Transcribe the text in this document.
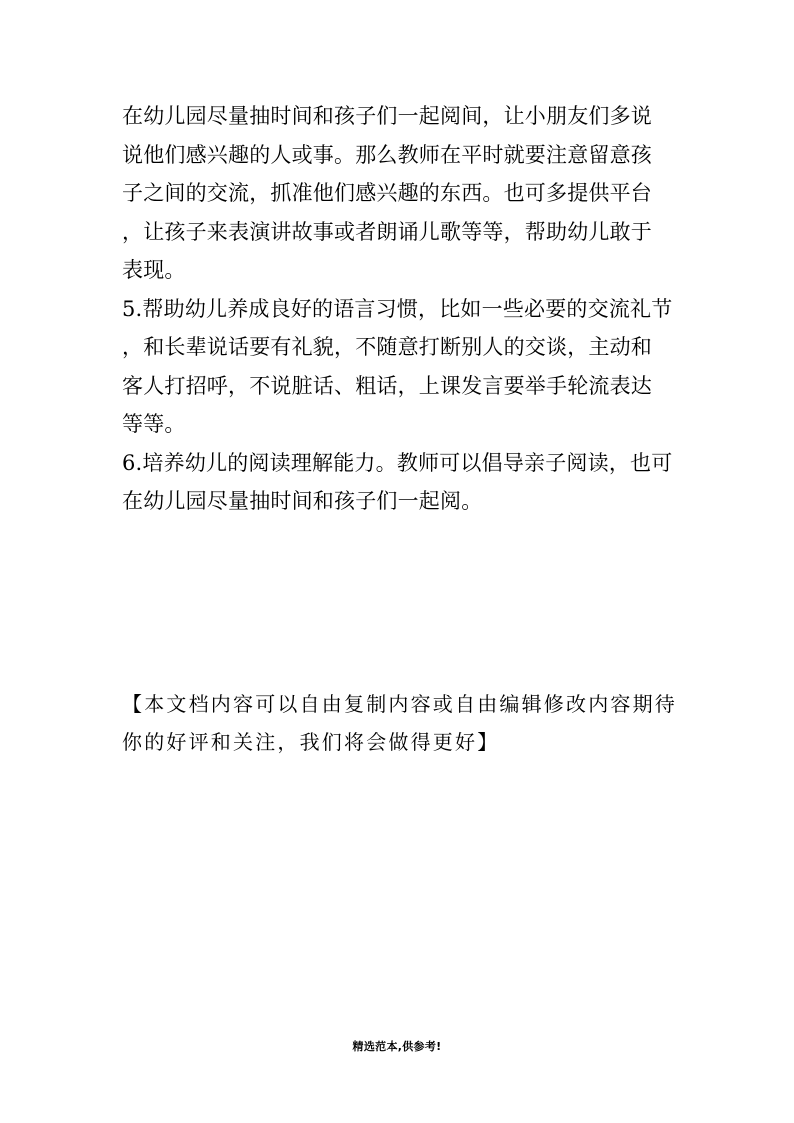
在幼儿园尽量抽时间和孩子们一起阅间，让小朋友们多说
说他们感兴趣的人或事。那么教师在平时就要注意留意孩
子之间的交流，抓准他们感兴趣的东西。也可多提供平台
，让孩子来表演讲故事或者朗诵儿歌等等，帮助幼儿敢于
表现。
5.帮助幼儿养成良好的语言习惯，比如一些必要的交流礼节
，和长辈说话要有礼貌，不随意打断别人的交谈，主动和
客人打招呼，不说脏话、粗话，上课发言要举手轮流表达
等等。
6.培养幼儿的阅读理解能力。教师可以倡导亲子阅读，也可
在幼儿园尽量抽时间和孩子们一起阅。
【本文档内容可以自由复制内容或自由编辑修改内容期待
你的好评和关注，我们将会做得更好】
精选范本,供参考!
